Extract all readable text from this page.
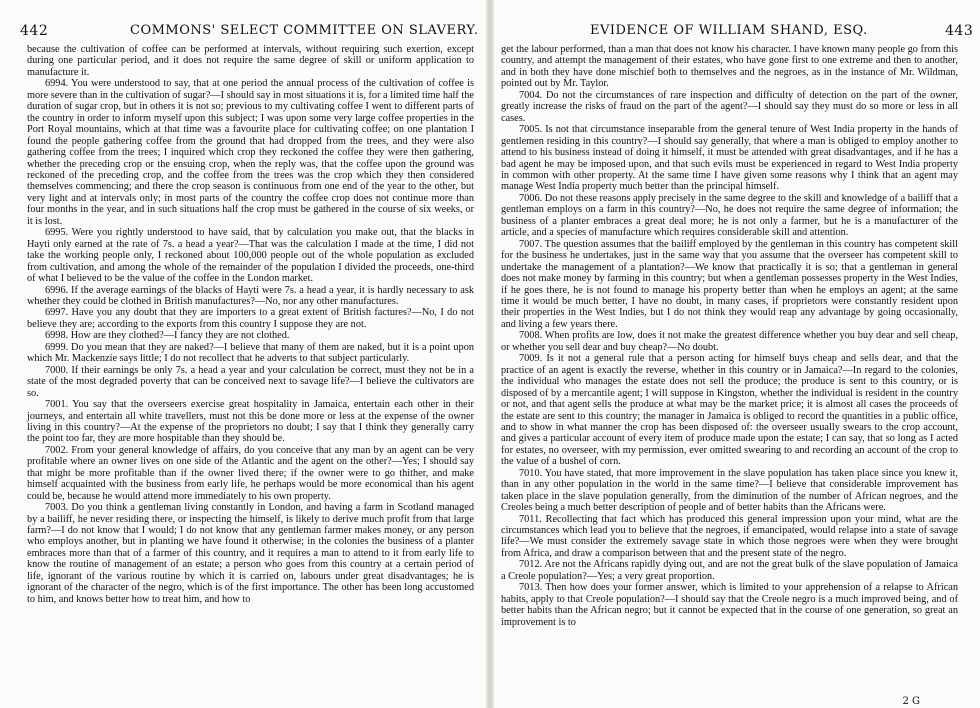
442	COMMONS' SELECT COMMITTEE ON SLAVERY.

because the cultivation of coffee can be performed at intervals, without requiring such exertion, except during one particular period, and it does not require the same degree of skill or uniform application to manufacture it.

6994. You were understood to say, that at one period the annual process of the cultivation of coffee is more severe than in the cultivation of sugar?—I should say in most situations it is, for a limited time half the duration of sugar crop, but in others it is not so; previous to my cultivating coffee I went to different parts of the country in order to inform myself upon this subject; I was upon some very large coffee properties in the Port Royal mountains, which at that time was a favourite place for cultivating coffee; on one plantation I found the people gathering coffee from the ground that had dropped from the trees, and they were also gathering coffee from the trees; I inquired which crop they reckoned the coffee they were then gathering, whether the preceding crop or the ensuing crop, when the reply was, that the coffee upon the ground was reckoned of the preceding crop, and the coffee from the trees was the crop which they then considered themselves commencing; and there the crop season is continuous from one end of the year to the other, but very light and at intervals only; in most parts of the country the coffee crop does not continue more than four months in the year, and in such situations half the crop must be gathered in the course of six weeks, or it is lost.

6995. Were you rightly understood to have said, that by calculation you make out, that the blacks in Hayti only earned at the rate of 7s. a head a year?—That was the calculation I made at the time, I did not take the working people only, I reckoned about 100,000 people out of the whole population as excluded from cultivation, and among the whole of the remainder of the population I divided the proceeds, one-third of what I believed to be the value of the coffee in the London market.

6996. If the average earnings of the blacks of Hayti were 7s. a head a year, it is hardly necessary to ask whether they could be clothed in British manufactures?—No, nor any other manufactures.

6997. Have you any doubt that they are importers to a great extent of British factures?—No, I do not believe they are; according to the exports from this country I suppose they are not.

6998. How are they clothed?—I fancy they are not clothed.

6999. Do you mean that they are naked?—I believe that many of them are naked, but it is a point upon which Mr. Mackenzie says little; I do not recollect that he adverts to that subject particularly.

7000. If their earnings be only 7s. a head a year and your calculation be correct, must they not be in a state of the most degraded poverty that can be conceived next to savage life?—I believe the cultivators are so.

7001. You say that the overseers exercise great hospitality in Jamaica, entertain each other in their journeys, and entertain all white travellers, must not this be done more or less at the expense of the owner living in this country?—At the expense of the proprietors no doubt; I say that I think they generally carry the point too far, they are more hospitable than they should be.

7002. From your general knowledge of affairs, do you conceive that any man by an agent can be very profitable where an owner lives on one side of the Atlantic and the agent on the other?—Yes; I should say that might be more profitable than if the owner lived there; if the owner were to go thither, and make himself acquainted with the business from early life, he perhaps would be more economical than his agent could be, because he would attend more immediately to his own property.

7003. Do you think a gentleman living constantly in London, and having a farm in Scotland managed by a bailiff, he never residing there, or inspecting the himself, is likely to derive much profit from that large farm?—I do not know that I would; I do not know that any gentleman farmer makes money, or any person who employs another, but in planting we have found it otherwise; in the colonies the business of a planter embraces more than that of a farmer of this country, and it requires a man to attend to it from early life to know the routine of management of an estate; a person who goes from this country at a certain period of life, ignorant of the various routine by which it is carried on, labours under great disadvantages; he is ignorant of the character of the negro, which is of the first importance. The other has been long accustomed to him, and knows better how to treat him, and how to

EVIDENCE OF WILLIAM SHAND, ESQ.	443

get the labour performed, than a man that does not know his character. I have known many people go from this country, and attempt the management of their estates, who have gone first to one extreme and then to another, and in both they have done mischief both to themselves and the negroes, as in the instance of Mr. Wildman, pointed out by Mr. Taylor.

7004. Do not the circumstances of rare inspection and difficulty of detection on the part of the owner, greatly increase the risks of fraud on the part of the agent?—I should say they must do so more or less in all cases.

7005. Is not that circumstance inseparable from the general tenure of West India property in the hands of gentlemen residing in this country?—I should say generally, that where a man is obliged to employ another to attend to his business instead of doing it himself, it must be attended with great disadvantages, and if he has a bad agent he may be imposed upon, and that such evils must be experienced in regard to West India property in common with other property. At the same time I have given some reasons why I think that an agent may manage West India property much better than the principal himself.

7006. Do not these reasons apply precisely in the same degree to the skill and knowledge of a bailiff that a gentleman employs on a farm in this country?—No, he does not require the same degree of information; the business of a planter embraces a great deal more; he is not only a farmer, but he is a manufacturer of the article, and a species of manufacture which requires considerable skill and attention.

7007. The question assumes that the bailiff employed by the gentleman in this country has competent skill for the business he undertakes, just in the same way that you assume that the overseer has competent skill to undertake the management of a plantation?—We know that practically it is so; that a gentleman in general does not make money by farming in this country; but when a gentleman possesses property in the West Indies, if he goes there, he is not found to manage his property better than when he employs an agent; at the same time it would be much better, I have no doubt, in many cases, if proprietors were constantly resident upon their properties in the West Indies, but I do not think they would reap any advantage by going occasionally, and living a few years there.

7008. When profits are low, does it not make the greatest difference whether you buy dear and sell cheap, or whether you sell dear and buy cheap?—No doubt.

7009. Is it not a general rule that a person acting for himself buys cheap and sells dear, and that the practice of an agent is exactly the reverse, whether in this country or in Jamaica?—In regard to the colonies, the individual who manages the estate does not sell the produce; the produce is sent to this country, or is disposed of by a mercantile agent; I will suppose in Kingston, whether the individual is resident in the country or not, and that agent sells the produce at what may be the market price; it is almost all cases the proceeds of the estate are sent to this country; the manager in Jamaica is obliged to record the quantities in a public office, and to show in what manner the crop has been disposed of: the overseer usually swears to the crop account, and gives a particular account of every item of produce made upon the estate; I can say, that so long as I acted for estates, no overseer, with my permission, ever omitted swearing to and recording an account of the crop to the value of a bushel of corn.

7010. You have stated, that more improvement in the slave population has taken place since you knew it, than in any other population in the world in the same time?—I believe that considerable improvement has taken place in the slave population generally, from the diminution of the number of African negroes, and the Creoles being a much better description of people and of better habits than the Africans were.

7011. Recollecting that fact which has produced this general impression upon your mind, what are the circumstances which lead you to believe that the negroes, if emancipated, would relapse into a state of savage life?—We must consider the extremely savage state in which those negroes were when they were brought from Africa, and draw a comparison between that and the present state of the negro.

7012. Are not the Africans rapidly dying out, and are not the great bulk of the slave population of Jamaica a Creole population?—Yes; a very great proportion.

7013. Then how does your former answer, which is limited to your apprehension of a relapse to African habits, apply to that Creole population?—I should say that the Creole negro is a much improved being, and of better habits than the African negro; but it cannot be expected that in the course of one generation, so great an improvement is to

2 G
